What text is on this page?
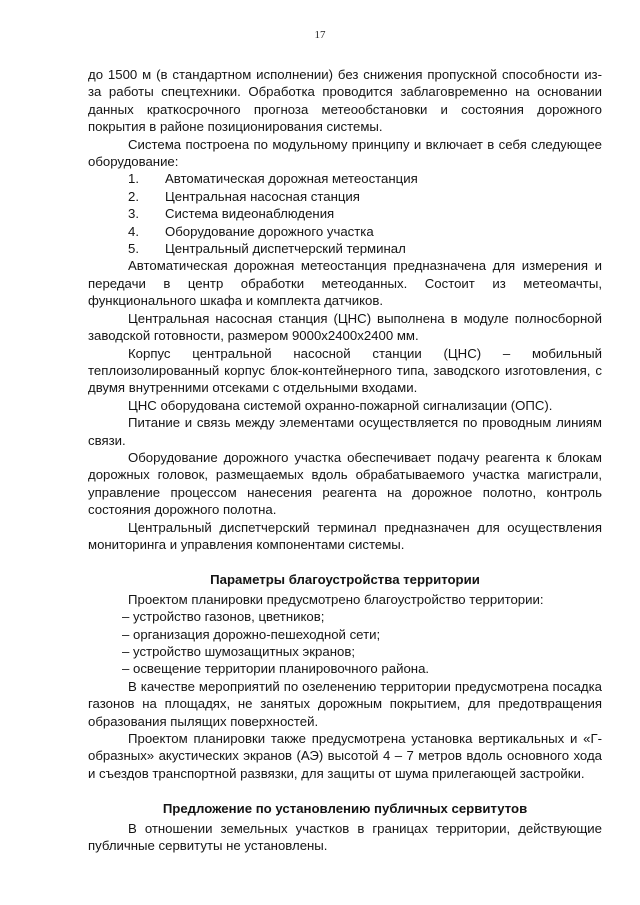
17

до 1500 м (в стандартном исполнении) без снижения пропускной способности из-за работы спецтехники. Обработка проводится заблаговременно на основании данных краткосрочного прогноза метеообстановки и состояния дорожного покрытия в районе позиционирования системы.

Система построена по модульному принципу и включает в себя следующее оборудование:

1.	Автоматическая дорожная метеостанция
2.	Центральная насосная станция
3.	Система видеонаблюдения
4.	Оборудование дорожного участка
5.	Центральный диспетчерский терминал

Автоматическая дорожная метеостанция предназначена для измерения и передачи в центр обработки метеоданных. Состоит из метеомачты, функционального шкафа и комплекта датчиков.

Центральная насосная станция (ЦНС) выполнена в модуле полносборной заводской готовности, размером 9000х2400х2400 мм.

Корпус центральной насосной станции (ЦНС) – мобильный теплоизолированный корпус блок-контейнерного типа, заводского изготовления, с двумя внутренними отсеками с отдельными входами.

ЦНС оборудована системой охранно-пожарной сигнализации (ОПС).

Питание и связь между элементами осуществляется по проводным линиям связи.

Оборудование дорожного участка обеспечивает подачу реагента к блокам дорожных головок, размещаемых вдоль обрабатываемого участка магистрали, управление процессом нанесения реагента на дорожное полотно, контроль состояния дорожного полотна.

Центральный диспетчерский терминал предназначен для осуществления мониторинга и управления компонентами системы.

Параметры благоустройства территории

Проектом планировки предусмотрено благоустройство территории:

– устройство газонов, цветников;
– организация дорожно-пешеходной сети;
– устройство шумозащитных экранов;
– освещение территории планировочного района.

В качестве мероприятий по озеленению территории предусмотрена посадка газонов на площадях, не занятых дорожным покрытием, для предотвращения образования пылящих поверхностей.

Проектом планировки также предусмотрена установка вертикальных и «Г-образных» акустических экранов (АЭ) высотой 4 – 7 метров вдоль основного хода и съездов транспортной развязки, для защиты от шума прилегающей застройки.

Предложение по установлению публичных сервитутов

В отношении земельных участков в границах территории, действующие публичные сервитуты не установлены.
